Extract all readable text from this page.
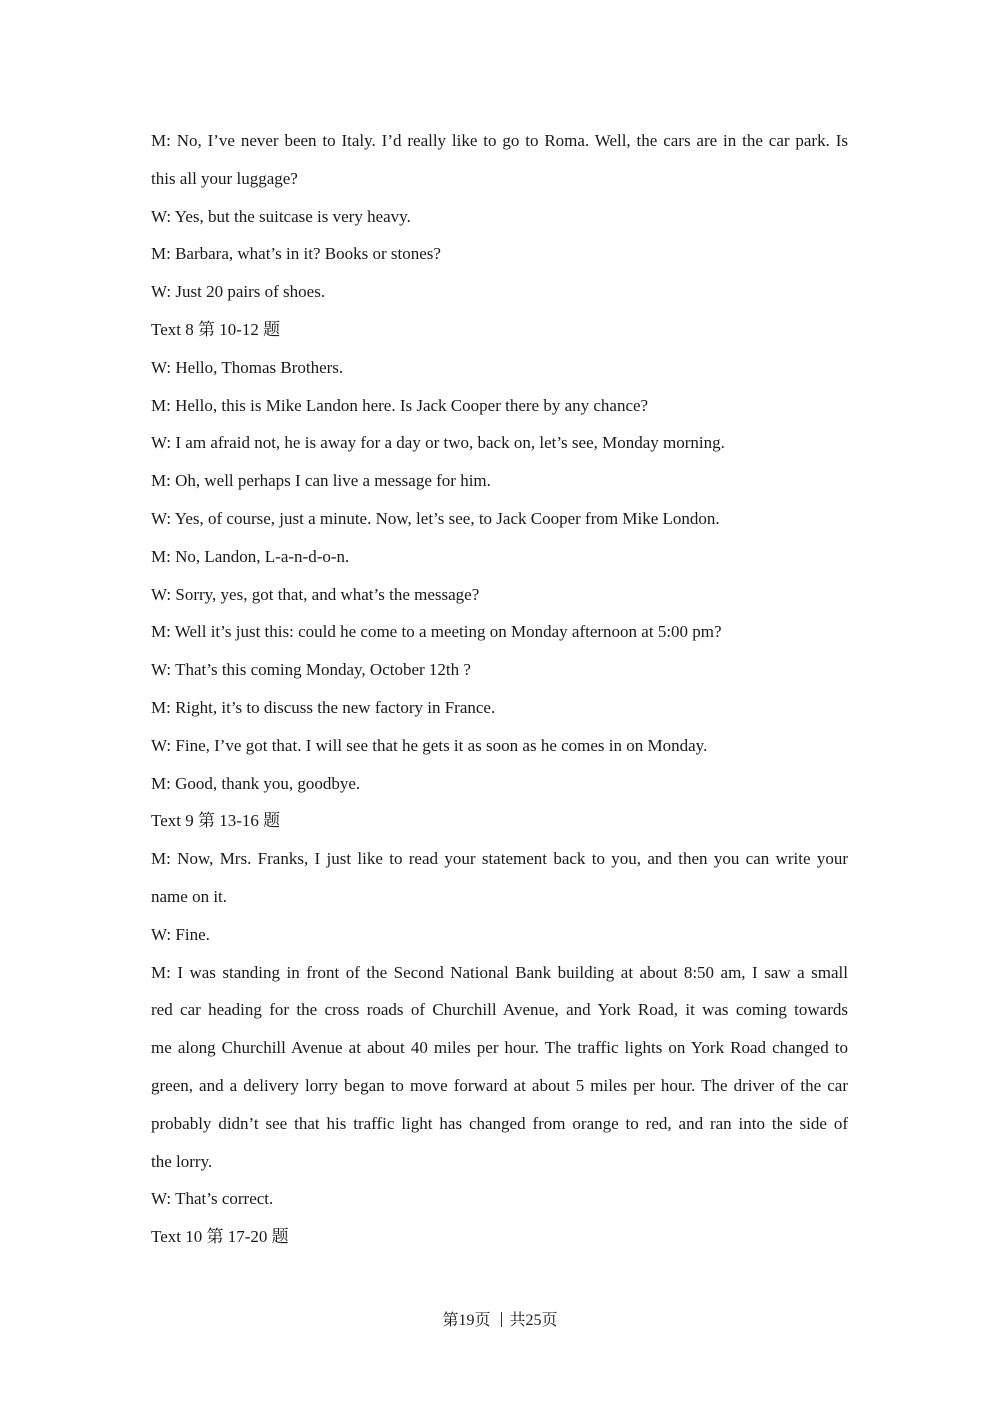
M: No, I’ve never been to Italy. I’d really like to go to Roma. Well, the cars are in the car park. Is
this all your luggage?
W: Yes, but the suitcase is very heavy.
M: Barbara, what’s in it? Books or stones?
W: Just 20 pairs of shoes.
Text 8 第 10-12 题
W: Hello, Thomas Brothers.
M: Hello, this is Mike Landon here. Is Jack Cooper there by any chance?
W: I am afraid not, he is away for a day or two, back on, let’s see, Monday morning.
M: Oh, well perhaps I can live a message for him.
W: Yes, of course, just a minute. Now, let’s see, to Jack Cooper from Mike London.
M: No, Landon, L-a-n-d-o-n.
W: Sorry, yes, got that, and what’s the message?
M: Well it’s just this: could he come to a meeting on Monday afternoon at 5:00 pm?
W: That’s this coming Monday, October 12th ?
M: Right, it’s to discuss the new factory in France.
W: Fine, I’ve got that. I will see that he gets it as soon as he comes in on Monday.
M: Good, thank you, goodbye.
Text 9 第 13-16 题
M: Now, Mrs. Franks, I just like to read your statement back to you, and then you can write your
name on it.
W: Fine.
M: I was standing in front of the Second National Bank building at about 8:50 am, I saw a small
red car heading for the cross roads of Churchill Avenue, and York Road, it was coming towards
me along Churchill Avenue at about 40 miles per hour. The traffic lights on York Road changed to
green, and a delivery lorry began to move forward at about 5 miles per hour. The driver of the car
probably didn’t see that his traffic light has changed from orange to red, and ran into the side of
the lorry.
W: That’s correct.
Text 10 第 17-20 题
第19页 共25页
